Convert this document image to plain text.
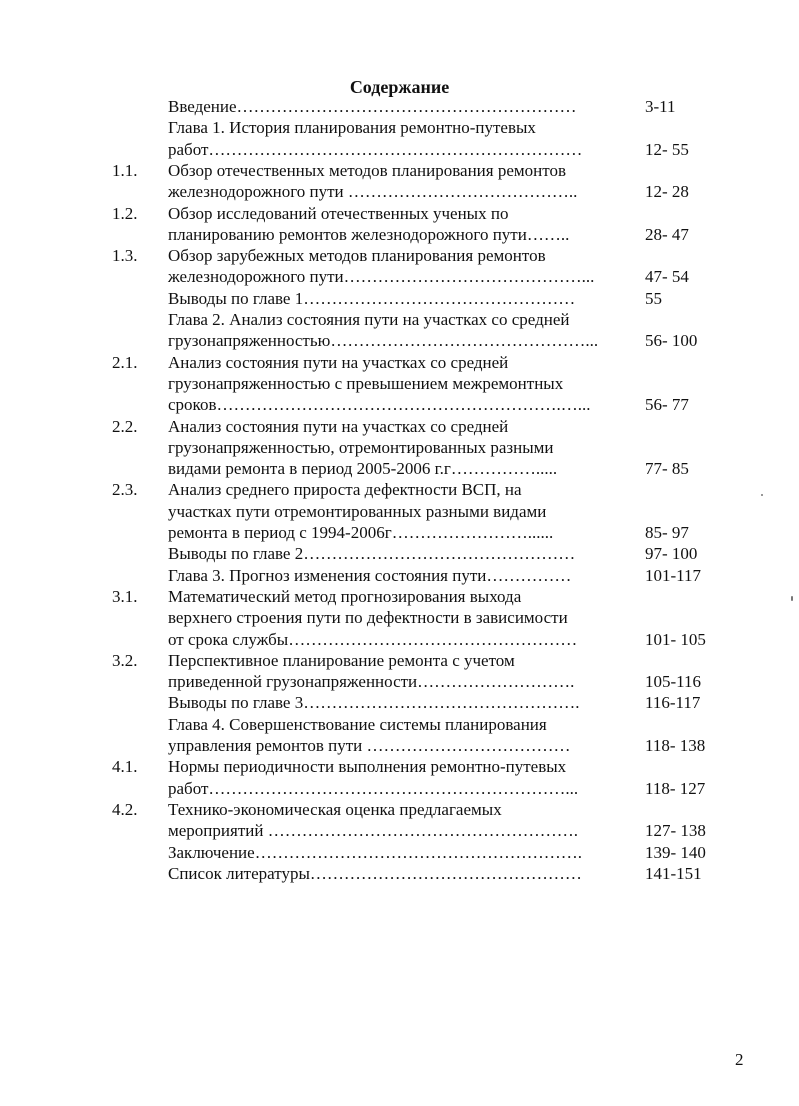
Содержание
Введение……………………………………………………	3-11
Глава 1. История планирования ремонтно-путевых
работ…………………………………………………………	12- 55
1.1. Обзор отечественных методов планирования ремонтов
железнодорожного пути …………………………………..	12- 28
1.2. Обзор исследований отечественных ученых по
планированию ремонтов железнодорожного пути……..	28- 47
1.3. Обзор зарубежных методов планирования ремонтов
железнодорожного пути……………………………………...	47- 54
Выводы по главе 1…………………………………………	55
Глава 2. Анализ состояния пути на участках со средней
грузонапряженностью………………………………………...	56- 100
2.1. Анализ состояния пути на участках со средней
грузонапряженностью с превышением межремонтных
сроков…………………………………………………….…...	56- 77
2.2. Анализ состояния пути на участках со средней
грузонапряженностью, отремонтированных разными
видами ремонта в период 2005-2006 г.г…………….....	77- 85
2.3. Анализ среднего прироста дефектности ВСП, на
участках пути отремонтированных разными видами
ремонта в период с 1994-2006г……………………......	85- 97
Выводы по главе 2…………………………………………	97- 100
Глава 3. Прогноз изменения состояния пути……………	101-117
3.1. Математический метод прогнозирования выхода
верхнего строения пути по дефектности в зависимости
от срока службы……………………………………………	101- 105
3.2. Перспективное планирование ремонта с учетом
приведенной грузонапряженности……………………….	105-116
Выводы по главе 3………………………………………….	116-117
Глава 4. Совершенствование системы планирования
управления ремонтов пути ………………………………	118- 138
4.1. Нормы периодичности выполнения ремонтно-путевых
работ………………………………………………………...	118- 127
4.2. Технико-экономическая оценка предлагаемых
мероприятий ……………………………………………….	127- 138
Заключение………………………………………………….	139- 140
Список литературы…………………………………………	141-151
2
